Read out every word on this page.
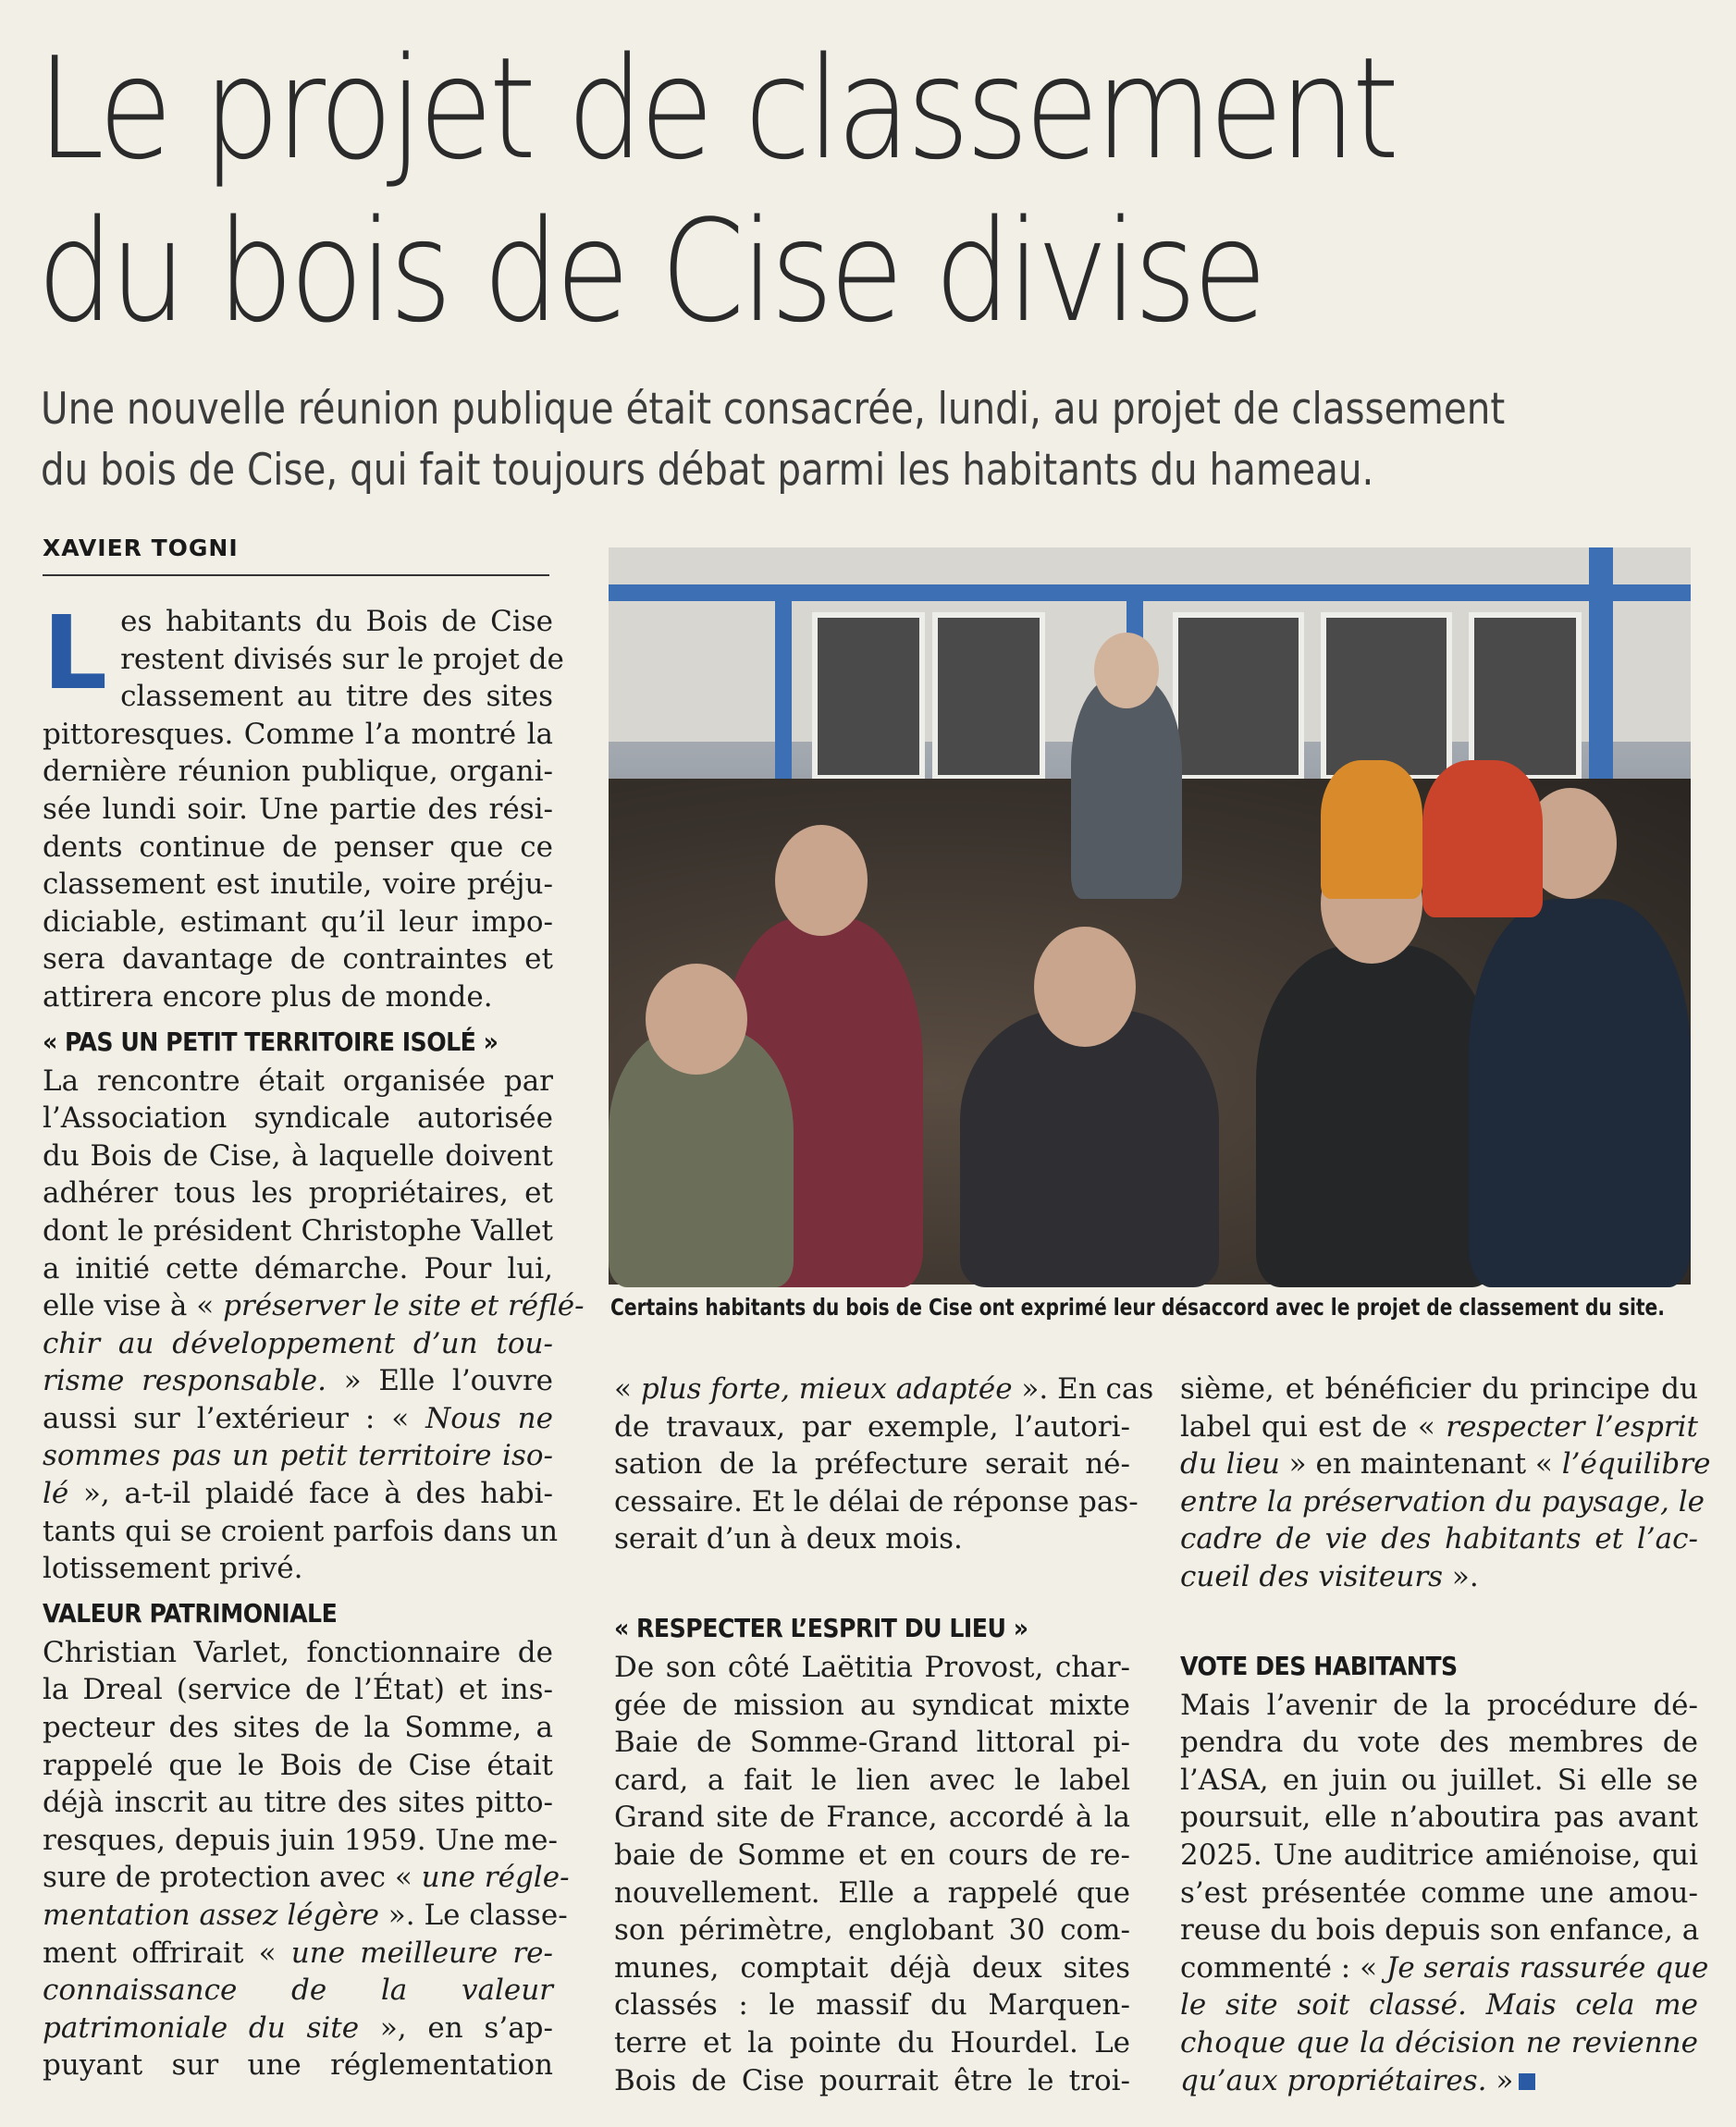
Le projet de classement
du bois de Cise divise

Une nouvelle réunion publique était consacrée, lundi, au projet de classement
du bois de Cise, qui fait toujours débat parmi les habitants du hameau.

XAVIER TOGNI
Certains habitants du bois de Cise ont exprimé leur désaccord avec le projet de classement du site.
L es habitants du Bois de Cise
restent divisés sur le projet de
classement au titre des sites
pittoresques. Comme l’a montré la
dernière réunion publique, organi-
sée lundi soir. Une partie des rési-
dents continue de penser que ce
classement est inutile, voire préju-
diciable, estimant qu’il leur impo-
sera davantage de contraintes et
attirera encore plus de monde.
« PAS UN PETIT TERRITOIRE ISOLÉ »
La rencontre était organisée par
l’Association syndicale autorisée
du Bois de Cise, à laquelle doivent
adhérer tous les propriétaires, et
dont le président Christophe Vallet
a initié cette démarche. Pour lui,
elle vise à « préserver le site et réflé-
chir au développement d’un tou-
risme responsable. » Elle l’ouvre
aussi sur l’extérieur : « Nous ne
sommes pas un petit territoire iso-
lé », a-t-il plaidé face à des habi-
tants qui se croient parfois dans un
lotissement privé.
VALEUR PATRIMONIALE
Christian Varlet, fonctionnaire de
la Dreal (service de l’État) et ins-
pecteur des sites de la Somme, a
rappelé que le Bois de Cise était
déjà inscrit au titre des sites pitto-
resques, depuis juin 1959. Une me-
sure de protection avec « une régle-
mentation assez légère ». Le classe-
ment offrirait « une meilleure re-
connaissance de la valeur
patrimoniale du site », en s’ap-
puyant sur une réglementation
« plus forte, mieux adaptée ». En cas
de travaux, par exemple, l’autori-
sation de la préfecture serait né-
cessaire. Et le délai de réponse pas-
serait d’un à deux mois.
« RESPECTER L’ESPRIT DU LIEU »
De son côté Laëtitia Provost, char-
gée de mission au syndicat mixte
Baie de Somme-Grand littoral pi-
card, a fait le lien avec le label
Grand site de France, accordé à la
baie de Somme et en cours de re-
nouvellement. Elle a rappelé que
son périmètre, englobant 30 com-
munes, comptait déjà deux sites
classés : le massif du Marquen-
terre et la pointe du Hourdel. Le
Bois de Cise pourrait être le troi-
sième, et bénéficier du principe du
label qui est de « respecter l’esprit
du lieu » en maintenant « l’équilibre
entre la préservation du paysage, le
cadre de vie des habitants et l’ac-
cueil des visiteurs ».
VOTE DES HABITANTS
Mais l’avenir de la procédure dé-
pendra du vote des membres de
l’ASA, en juin ou juillet. Si elle se
poursuit, elle n’aboutira pas avant
2025. Une auditrice amiénoise, qui
s’est présentée comme une amou-
reuse du bois depuis son enfance, a
commenté : « Je serais rassurée que
le site soit classé. Mais cela me
choque que la décision ne revienne
qu’aux propriétaires. »
